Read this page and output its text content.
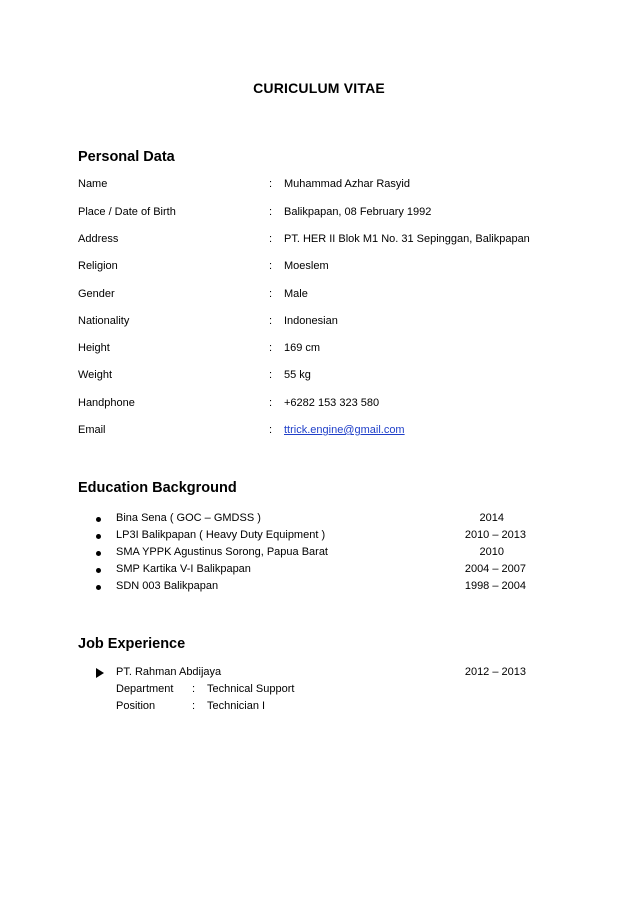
CURICULUM VITAE
Personal Data
Name	: Muhammad Azhar Rasyid
Place / Date of Birth	: Balikpapan, 08 February 1992
Address	: PT. HER II Blok M1 No. 31 Sepinggan, Balikpapan
Religion	: Moeslem
Gender	: Male
Nationality	: Indonesian
Height	: 169 cm
Weight	: 55 kg
Handphone	: +6282 153 323 580
Email	: ttrick.engine@gmail.com
Education Background
Bina Sena ( GOC – GMDSS )	2014
LP3I Balikpapan ( Heavy Duty Equipment )	2010 – 2013
SMA YPPK Agustinus Sorong, Papua Barat	2010
SMP Kartika V-I Balikpapan	2004 – 2007
SDN 003 Balikpapan	1998 – 2004
Job Experience
PT. Rahman Abdijaya	2012 – 2013
Department : Technical Support
Position	: Technician I
